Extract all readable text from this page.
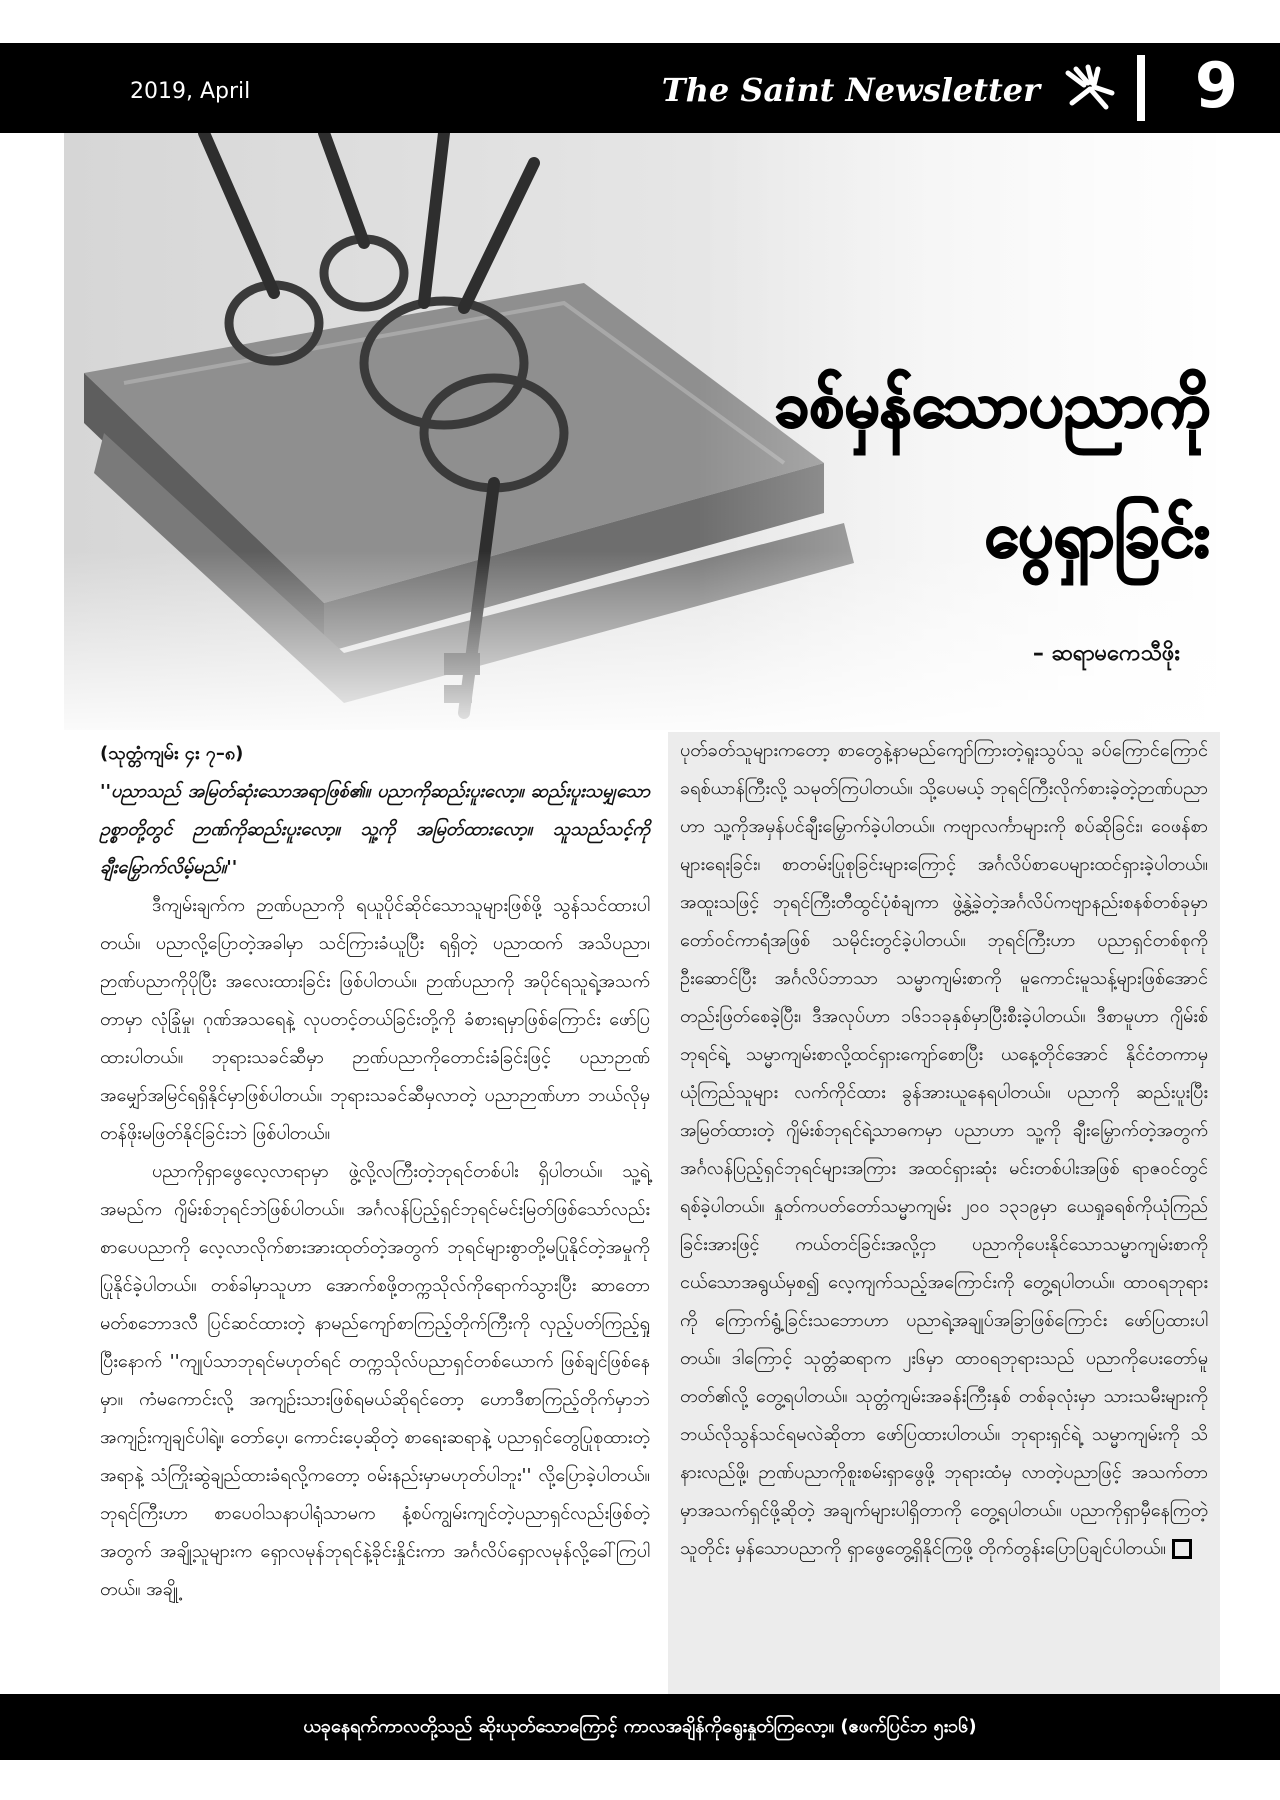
2019, April	The Saint Newsletter 9
ခစ်မှန်သောပညာကို
ပွေရှာခြင်း
– ဆရာမကေသီဖိုး

(သုတ္တံကျမ်း ၄း ၇–၈)

''ပညာသည် အမြတ်ဆုံးသောအရာဖြစ်၏။ ပညာကိုဆည်းပူးလော့။ ဆည်းပူးသမျှသောဥစ္စာတို့တွင် ဉာဏ်ကိုဆည်းပူးလော့။ သူ့ကို အမြတ်ထားလော့။ သူသည်သင့်ကို ချီးမြှောက်လိမ့်မည်။''

ဒီကျမ်းချက်က ဉာဏ်ပညာကို ရယူပိုင်ဆိုင်သောသူများဖြစ်ဖို့ သွန်သင်ထားပါတယ်။ ပညာလို့ပြောတဲ့အခါမှာ သင်ကြားခံယူပြီး ရရှိတဲ့ ပညာထက် အသိပညာ၊ ဉာဏ်ပညာကိုပိုပြီး အလေးထားခြင်း ဖြစ်ပါတယ်။ ဉာဏ်ပညာကို အပိုင်ရသူရဲ့အသက်တာမှာ လုံခြုံမှု၊ ဂုဏ်အသရေနဲ့ လုပတင့်တယ်ခြင်းတို့ကို ခံစားရမှာဖြစ်ကြောင်း ဖော်ပြထားပါတယ်။ ဘုရားသခင်ဆီမှာ ဉာဏ်ပညာကိုတောင်းခံခြင်းဖြင့် ပညာဉာဏ်အမျှော်အမြင်ရရှိနိုင်မှာဖြစ်ပါတယ်။ ဘုရားသခင်ဆီမှလာတဲ့ ပညာဉာဏ်ဟာ ဘယ်လိုမှတန်ဖိုးမဖြတ်နိုင်ခြင်းဘဲ ဖြစ်ပါတယ်။

ပညာကိုရှာဖွေလေ့လာရာမှာ ဖွဲ့လို့လကြီးတဲ့ဘုရင်တစ်ပါး ရှိပါတယ်။ သူ့ရဲ့အမည်က ဂျိမ်းစ်ဘုရင်ဘဲဖြစ်ပါတယ်။ အင်္ဂလန်ပြည့်ရှင်ဘုရင်မင်းမြတ်ဖြစ်သော်လည်း စာပေပညာကို လေ့လာလိုက်စားအားထုတ်တဲ့အတွက် ဘုရင်များစွာတို့မပြုနိုင်တဲ့အမှုကို ပြုနိုင်ခဲ့ပါတယ်။ တစ်ခါမှာသူဟာ အောက်စဖို့တက္ကသိုလ်ကိုရောက်သွားပြီး ဆာတောမတ်စဘောဒလီ ပြင်ဆင်ထားတဲ့ နာမည်ကျော်စာကြည့်တိုက်ကြီးကို လှည့်ပတ်ကြည့်ရှုပြီးနောက် ''ကျုပ်သာဘုရင်မဟုတ်ရင် တက္ကသိုလ်ပညာရှင်တစ်ယောက် ဖြစ်ချင်ဖြစ်နေမှာ။ ကံမကောင်းလို့ အကျဉ်းသားဖြစ်ရမယ်ဆိုရင်တော့ ဟောဒီစာကြည့်တိုက်မှာဘဲ အကျဉ်းကျချင်ပါရဲ့။ တော်ပေ့၊ ကောင်းပေ့ဆိုတဲ့ စာရေးဆရာနဲ့ ပညာရှင်တွေပြုစုထားတဲ့ အရာနဲ့ သံကြိုးဆွဲချည်ထားခံရလို့ကတော့ ဝမ်းနည်းမှာမဟုတ်ပါဘူး'' လို့ပြောခဲ့ပါတယ်။ ဘုရင်ကြီးဟာ စာပေဝါသနာပါရုံသာမက နံ့စပ်ကျွမ်းကျင်တဲ့ပညာရှင်လည်းဖြစ်တဲ့အတွက် အချို့သူများက ရှောလမုန်ဘုရင်နဲ့ခိုင်းနှိုင်းကာ အင်္ဂလိပ်ရှောလမုန်လို့ခေါ်ကြပါတယ်။ အချို့

ပုတ်ခတ်သူများကတော့ စာတွေနဲ့နာမည်ကျော်ကြားတဲ့ရူးသွပ်သူ ခပ်ကြောင်ကြောင်ခရစ်ယာန်ကြီးလို့ သမုတ်ကြပါတယ်။ သို့ပေမယ့် ဘုရင်ကြီးလိုက်စားခဲ့တဲ့ဉာဏ်ပညာဟာ သူ့ကိုအမှန်ပင်ချီးမြှောက်ခဲ့ပါတယ်။ ကဗျာလင်္ကာများကို စပ်ဆိုခြင်း၊ ဝေဖန်စာများရေးခြင်း၊ စာတမ်းပြုစုခြင်းများကြောင့် အင်္ဂလိပ်စာပေများထင်ရှားခဲ့ပါတယ်။ အထူးသဖြင့် ဘုရင်ကြီးတီထွင်ပုံစံချကာ ဖွဲ့နွဲ့ခဲ့တဲ့အင်္ဂလိပ်ကဗျာနည်းစနစ်တစ်ခုမှာ တော်ဝင်ကာရံအဖြစ် သမိုင်းတွင်ခဲ့ပါတယ်။ ဘုရင်ကြီးဟာ ပညာရှင်တစ်စုကိုဦးဆောင်ပြီး အင်္ဂလိပ်ဘာသာ သမ္မာကျမ်းစာကို မူကောင်းမူသန့်များဖြစ်အောင် တည်းဖြတ်စေခဲ့ပြီး၊ ဒီအလုပ်ဟာ ၁၆၁၁ခုနှစ်မှာပြီးစီးခဲ့ပါတယ်။ ဒီစာမူဟာ ဂျိမ်းစ်ဘုရင်ရဲ့ သမ္မာကျမ်းစာလို့ထင်ရှားကျော်စောပြီး ယနေ့တိုင်အောင် နိုင်ငံတကာမှ ယုံကြည်သူများ လက်ကိုင်ထား ခွန်အားယူနေရပါတယ်။ ပညာကို ဆည်းပူးပြီးအမြတ်ထားတဲ့ ဂျိမ်းစ်ဘုရင်ရဲ့သာဓကမှာ ပညာဟာ သူ့ကို ချီးမြှောက်တဲ့အတွက် အင်္ဂလန်ပြည့်ရှင်ဘုရင်များအကြား အထင်ရှားဆုံး မင်းတစ်ပါးအဖြစ် ရာဇဝင်တွင်ရစ်ခဲ့ပါတယ်။ နှုတ်ကပတ်တော်သမ္မာကျမ်း ၂၀ဝ ၁၃၁၉မှာ ယေရှုခရစ်ကိုယုံကြည်ခြင်းအားဖြင့် ကယ်တင်ခြင်းအလို့ငှာ ပညာကိုပေးနိုင်သောသမ္မာကျမ်းစာကို ငယ်သောအရွယ်မှစ၍ လေ့ကျက်သည့်အကြောင်းကို တွေ့ရပါတယ်။ ထာဝရဘုရားကို ကြောက်ရွံ့ခြင်းသဘောဟာ ပညာရဲ့အချုပ်အခြာဖြစ်ကြောင်း ဖော်ပြထားပါတယ်။ ဒါကြောင့် သုတ္တံဆရာက ၂း၆မှာ ထာဝရဘုရားသည် ပညာကိုပေးတော်မူတတ်၏လို့ တွေ့ရပါတယ်။ သုတ္တံကျမ်းအခန်းကြီးနှစ် တစ်ခုလုံးမှာ သားသမီးများကို ဘယ်လိုသွန်သင်ရမလဲဆိုတာ ဖော်ပြထားပါတယ်။ ဘုရားရှင်ရဲ့ သမ္မာကျမ်းကို သိနားလည်ဖို့၊ ဉာဏ်ပညာကိုစူးစမ်းရှာဖွေဖို့ ဘုရားထံမှ လာတဲ့ပညာဖြင့် အသက်တာမှာအသက်ရှင်ဖို့ဆိုတဲ့ အချက်များပါရှိတာကို တွေ့ရပါတယ်။ ပညာကိုရှာမှီနေကြတဲ့သူတိုင်း မှန်သောပညာကို ရှာဖွေတွေ့ရှိနိုင်ကြဖို့ တိုက်တွန်းပြောပြချင်ပါတယ်။

ယခုနေရက်ကာလတို့သည် ဆိုးယုတ်သောကြောင့် ကာလအချိန်ကိုရွေးနှုတ်ကြလော့။ (ဧဖက်ပြင်ဘ ၅း၁၆)
